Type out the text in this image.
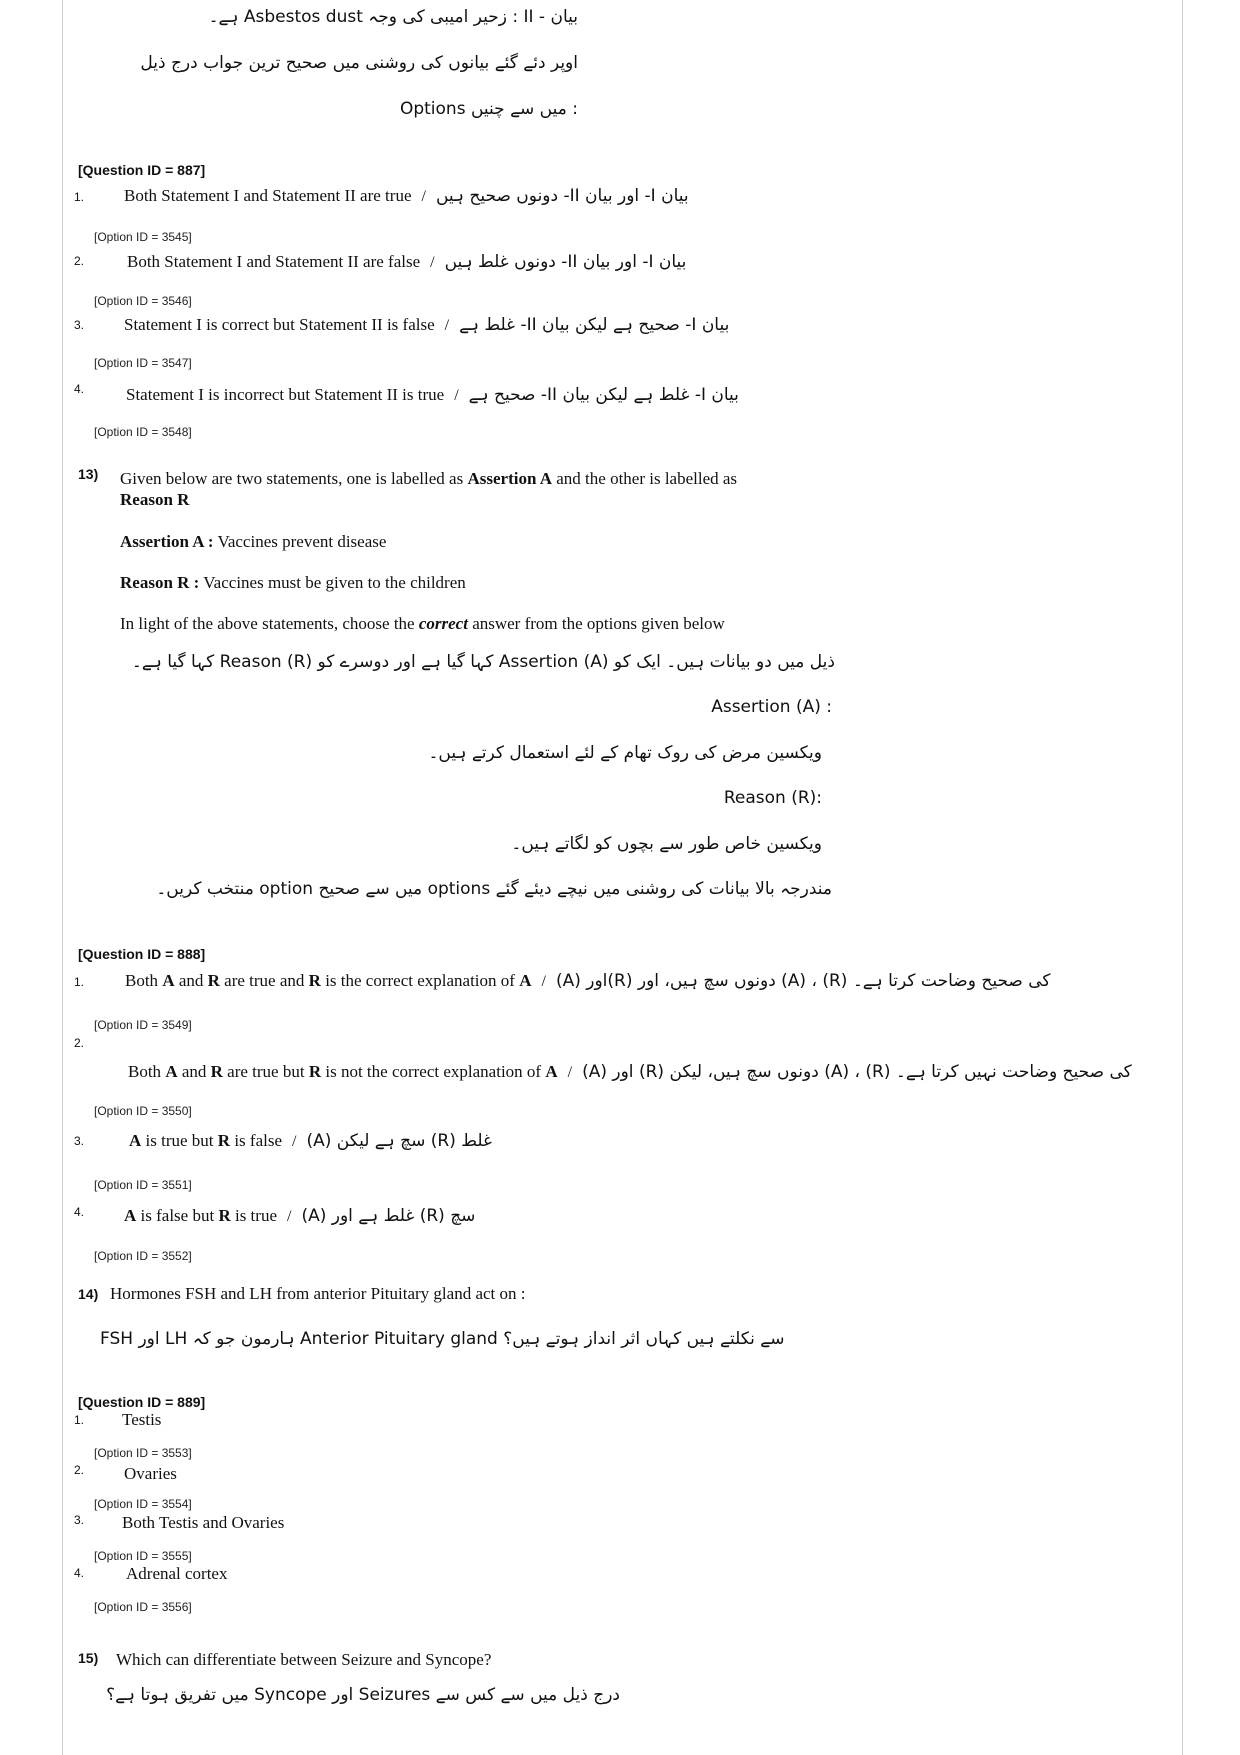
بیان - II : زحیر امیبی کی وجہ Asbestos dust ہے۔
اوپر دئے گئے بیانوں کی روشنی میں صحیح ترین جواب درج ذیل
Options میں سے چنیں :
[Question ID = 887]
1. Both Statement I and Statement II are true / بیان I- اور بیان II- دونوں صحیح ہیں
[Option ID = 3545]
2.	Both Statement I and Statement II are false / بیان I- اور بیان II- دونوں غلط ہیں
[Option ID = 3546]
3. Statement I is correct but Statement II is false / بیان I- صحیح ہے لیکن بیان II- غلط ہے
[Option ID = 3547]
4. Statement I is incorrect but Statement II is true / بیان I- غلط ہے لیکن بیان II- صحیح ہے
[Option ID = 3548]
13) Given below are two statements, one is labelled as Assertion A and the other is labelled as
Reason R
Assertion A : Vaccines prevent disease
Reason R : Vaccines must be given to the children
In light of the above statements, choose the correct answer from the options given below
ذیل میں دو بیانات ہیں۔ ایک کو Assertion (A) کہا گیا ہے اور دوسرے کو Reason (R) کہا گیا ہے۔
Assertion (A) :
ویکسین مرض کی روک تھام کے لئے استعمال کرتے ہیں۔
Reason (R):
ویکسین خاص طور سے بچوں کو لگاتے ہیں۔
مندرجہ بالا بیانات کی روشنی میں نیچے دیئے گئے options میں سے صحیح option منتخب کریں۔
[Question ID = 888]
1. Both A and R are true and R is the correct explanation of A / (A) اور(R) دونوں سچ ہیں، اور (A) ، (R) کی صحیح وضاحت کرتا ہے۔
[Option ID = 3549]
2.
Both A and R are true but R is not the correct explanation of A / (A) اور (R) دونوں سچ ہیں، لیکن (A) ، (R) کی صحیح وضاحت نہیں کرتا ہے۔
[Option ID = 3550]
3.	A is true but R is false / (A) سچ ہے لیکن (R) غلط
[Option ID = 3551]
4. A is false but R is true / (A) غلط ہے اور (R) سچ
[Option ID = 3552]
14) Hormones FSH and LH from anterior Pituitary gland act on :
FSH اور LH ہارمون جو کہ Anterior Pituitary gland سے نکلتے ہیں کہاں اثر انداز ہوتے ہیں؟
[Question ID = 889]
1. Testis
[Option ID = 3553]
2. Ovaries
[Option ID = 3554]
3. Both Testis and Ovaries
[Option ID = 3555]
4. Adrenal cortex
[Option ID = 3556]
15) Which can differentiate between Seizure and Syncope?
درج ذیل میں سے کس سے Seizures اور Syncope میں تفریق ہوتا ہے؟
